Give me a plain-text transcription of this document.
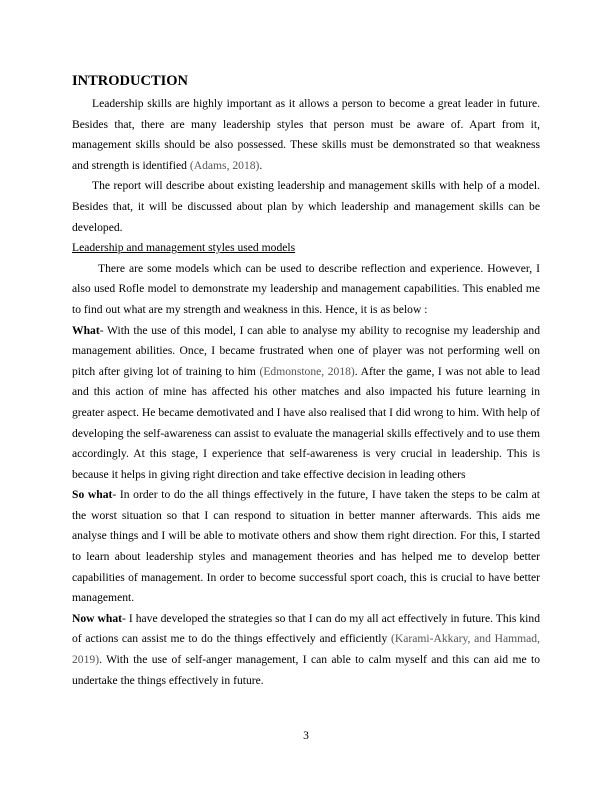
INTRODUCTION

Leadership skills are highly important as it allows a person to become a great leader in future. Besides that, there are many leadership styles that person must be aware of. Apart from it, management skills should be also possessed. These skills must be demonstrated so that weakness and strength is identified (Adams, 2018).

The report will describe about existing leadership and management skills with help of a model. Besides that, it will be discussed about plan by which leadership and management skills can be developed.

Leadership and management styles used models

There are some models which can be used to describe reflection and experience. However, I also used Rofle model to demonstrate my leadership and management capabilities. This enabled me to find out what are my strength and weakness in this. Hence, it is as below :

What- With the use of this model, I can able to analyse my ability to recognise my leadership and management abilities. Once, I became frustrated when one of player was not performing well on pitch after giving lot of training to him (Edmonstone, 2018). After the game, I was not able to lead and this action of mine has affected his other matches and also impacted his future learning in greater aspect. He became demotivated and I have also realised that I did wrong to him. With help of developing the self-awareness can assist to evaluate the managerial skills effectively and to use them accordingly. At this stage, I experience that self-awareness is very crucial in leadership. This is because it helps in giving right direction and take effective decision in leading others

So what- In order to do the all things effectively in the future, I have taken the steps to be calm at the worst situation so that I can respond to situation in better manner afterwards. This aids me analyse things and I will be able to motivate others and show them right direction. For this, I started to learn about leadership styles and management theories and has helped me to develop better capabilities of management. In order to become successful sport coach, this is crucial to have better management.

Now what- I have developed the strategies so that I can do my all act effectively in future. This kind of actions can assist me to do the things effectively and efficiently (Karami-Akkary, and Hammad, 2019). With the use of self-anger management, I can able to calm myself and this can aid me to undertake the things effectively in future.

3
